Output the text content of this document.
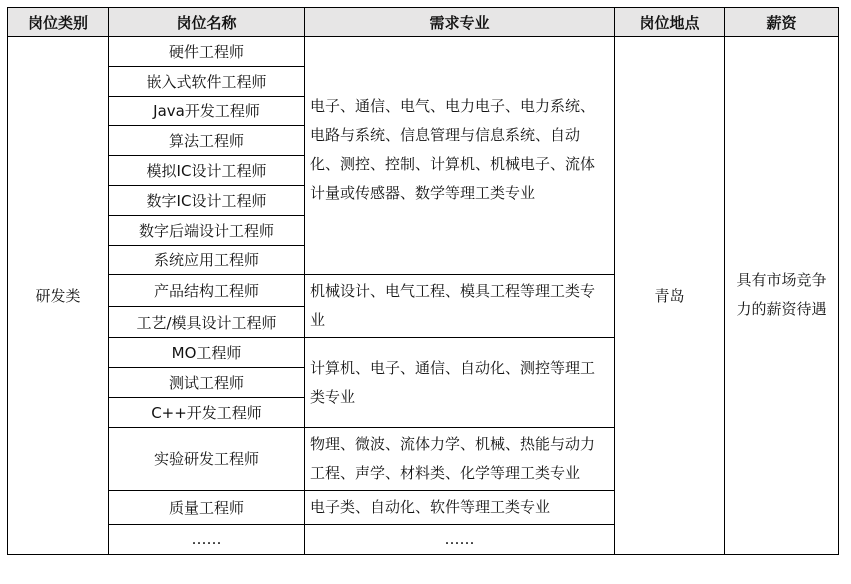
岗位类别	岗位名称	需求专业	岗位地点	薪资
研发类	硬件工程师	电子、通信、电气、电力电子、电力系统、电路与系统、信息管理与信息系统、自动化、测控、控制、计算机、机械电子、流体计量或传感器、数学等理工类专业	青岛	具有市场竞争力的薪资待遇
	嵌入式软件工程师			
	Java开发工程师			
	算法工程师			
	模拟IC设计工程师			
	数字IC设计工程师			
	数字后端设计工程师			
	系统应用工程师			
	产品结构工程师	机械设计、电气工程、模具工程等理工类专业		
	工艺/模具设计工程师			
	MO工程师	计算机、电子、通信、自动化、测控等理工类专业		
	测试工程师			
	C++开发工程师			
	实验研发工程师	物理、微波、流体力学、机械、热能与动力工程、声学、材料类、化学等理工类专业		

	质量工程师	电子类、自动化、软件等理工类专业		
	……	……		
